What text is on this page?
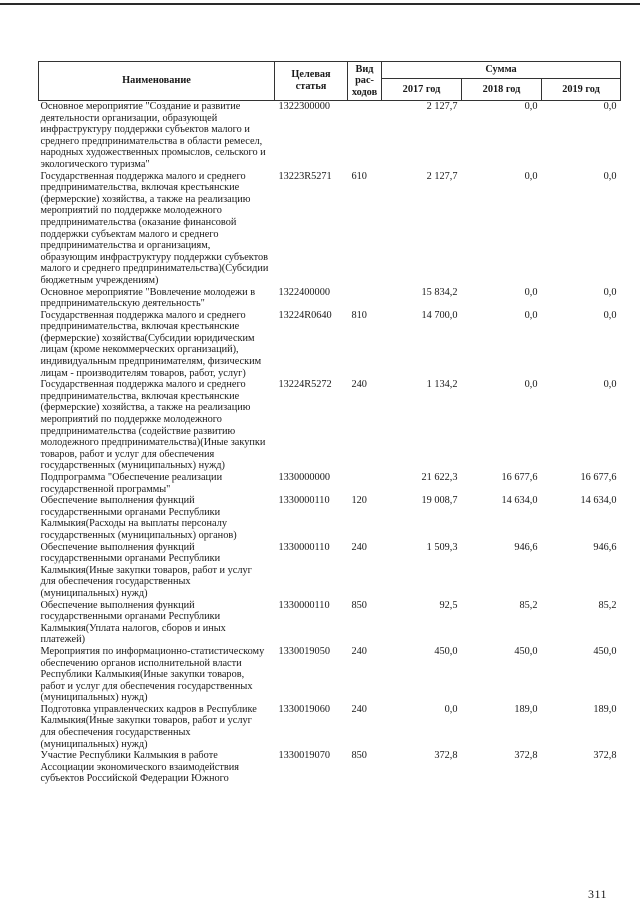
Наименование	Целевая статья	Вид рас-ходов	Сумма		
			2017 год	2018 год	2019 год
Основное мероприятие "Создание и развитие деятельности организации, образующей инфраструктуру поддержки субъектов малого и среднего предпринимательства в области ремесел, народных художественных промыслов, сельского и экологического туризма"	1322300000		2 127,7	0,0	0,0
Государственная поддержка малого и среднего предпринимательства, включая крестьянские (фермерские) хозяйства, а также на реализацию мероприятий по поддержке молодежного предпринимательства (оказание финансовой поддержки субъектам малого и среднего предпринимательства и организациям, образующим инфраструктуру поддержки субъектов малого и среднего предпринимательства)(Субсидии бюджетным учреждениям)	13223R5271	610	2 127,7	0,0	0,0
Основное мероприятие "Вовлечение молодежи в предпринимательскую деятельность"	1322400000		15 834,2	0,0	0,0
Государственная поддержка малого и среднего предпринимательства, включая крестьянские (фермерские) хозяйства(Субсидии юридическим лицам (кроме некоммерческих организаций), индивидуальным предпринимателям, физическим лицам - производителям товаров, работ, услуг)	13224R0640	810	14 700,0	0,0	0,0
Государственная поддержка малого и среднего предпринимательства, включая крестьянские (фермерские) хозяйства, а также на реализацию мероприятий по поддержке молодежного предпринимательства (содействие развитию молодежного предпринимательства)(Иные закупки товаров, работ и услуг для обеспечения государственных (муниципальных) нужд)	13224R5272	240	1 134,2	0,0	0,0
Подпрограмма "Обеспечение реализации государственной программы"	1330000000		21 622,3	16 677,6	16 677,6
Обеспечение выполнения функций государственными органами Республики Калмыкия(Расходы на выплаты персоналу государственных (муниципальных) органов)	1330000110	120	19 008,7	14 634,0	14 634,0
Обеспечение выполнения функций государственными органами Республики Калмыкия(Иные закупки товаров, работ и услуг для обеспечения государственных (муниципальных) нужд)	1330000110	240	1 509,3	946,6	946,6
Обеспечение выполнения функций государственными органами Республики Калмыкия(Уплата налогов, сборов и иных платежей)	1330000110	850	92,5	85,2	85,2
Мероприятия по информационно-статистическому обеспечению органов исполнительной власти Республики Калмыкия(Иные закупки товаров, работ и услуг для обеспечения государственных (муниципальных) нужд)	1330019050	240	450,0	450,0	450,0
Подготовка управленческих кадров в Республике Калмыкия(Иные закупки товаров, работ и услуг для обеспечения государственных (муниципальных) нужд)	1330019060	240	0,0	189,0	189,0
Участие Республики Калмыкия в работе Ассоциации экономического взаимодействия субъектов Российской Федерации Южного	1330019070	850	372,8	372,8	372,8
311
